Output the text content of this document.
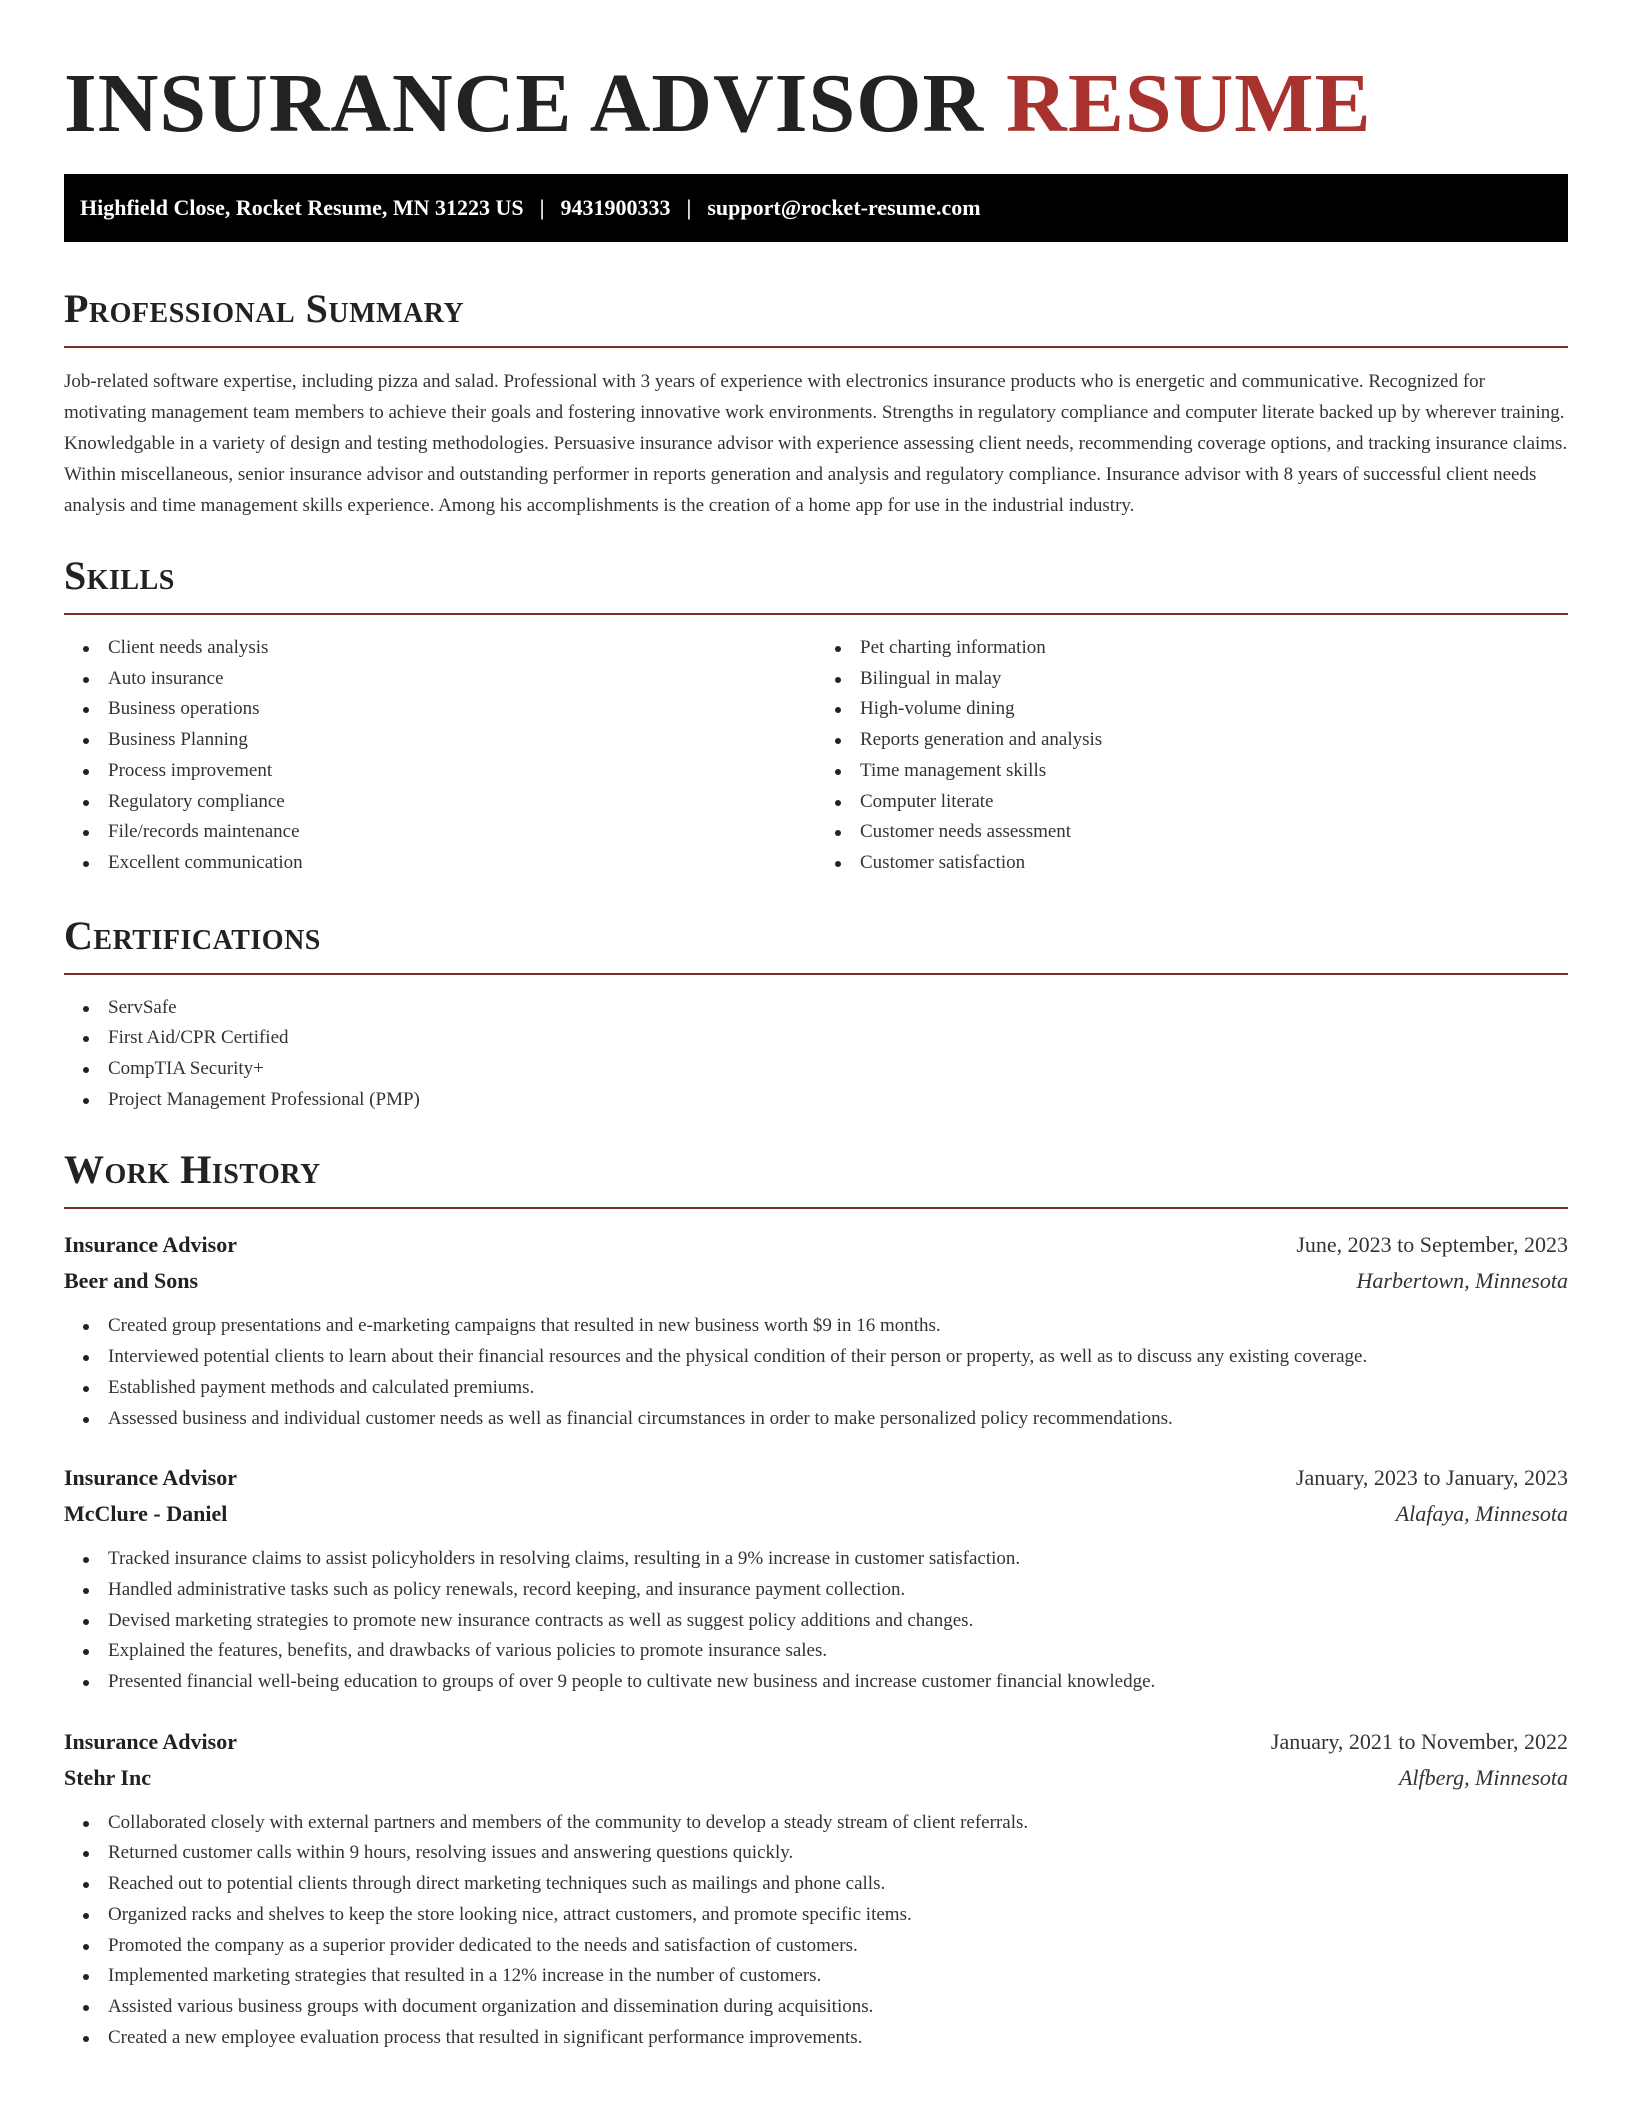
INSURANCE ADVISOR RESUME
Highfield Close, Rocket Resume, MN 31223 US | 9431900333 | support@rocket-resume.com
Professional Summary

Job-related software expertise, including pizza and salad. Professional with 3 years of experience with electronics insurance products who is energetic and communicative. Recognized for motivating management team members to achieve their goals and fostering innovative work environments. Strengths in regulatory compliance and computer literate backed up by wherever training. Knowledgable in a variety of design and testing methodologies. Persuasive insurance advisor with experience assessing client needs, recommending coverage options, and tracking insurance claims. Within miscellaneous, senior insurance advisor and outstanding performer in reports generation and analysis and regulatory compliance. Insurance advisor with 8 years of successful client needs analysis and time management skills experience. Among his accomplishments is the creation of a home app for use in the industrial industry.

Skills
Client needs analysis
Auto insurance
Business operations
Business Planning
Process improvement
Regulatory compliance
File/records maintenance
Excellent communication
Pet charting information
Bilingual in malay
High-volume dining
Reports generation and analysis
Time management skills
Computer literate
Customer needs assessment
Customer satisfaction
Certifications
ServSafe
First Aid/CPR Certified
CompTIA Security+
Project Management Professional (PMP)
Work History
Insurance Advisor	June, 2023 to September, 2023
Beer and Sons	Harbertown, Minnesota
Created group presentations and e-marketing campaigns that resulted in new business worth $9 in 16 months.
Interviewed potential clients to learn about their financial resources and the physical condition of their person or property, as well as to discuss any existing coverage.
Established payment methods and calculated premiums.
Assessed business and individual customer needs as well as financial circumstances in order to make personalized policy recommendations.
Insurance Advisor	January, 2023 to January, 2023
McClure - Daniel	Alafaya, Minnesota
Tracked insurance claims to assist policyholders in resolving claims, resulting in a 9% increase in customer satisfaction.
Handled administrative tasks such as policy renewals, record keeping, and insurance payment collection.
Devised marketing strategies to promote new insurance contracts as well as suggest policy additions and changes.
Explained the features, benefits, and drawbacks of various policies to promote insurance sales.
Presented financial well-being education to groups of over 9 people to cultivate new business and increase customer financial knowledge.
Insurance Advisor	January, 2021 to November, 2022
Stehr Inc	Alfberg, Minnesota
Collaborated closely with external partners and members of the community to develop a steady stream of client referrals.
Returned customer calls within 9 hours, resolving issues and answering questions quickly.
Reached out to potential clients through direct marketing techniques such as mailings and phone calls.
Organized racks and shelves to keep the store looking nice, attract customers, and promote specific items.
Promoted the company as a superior provider dedicated to the needs and satisfaction of customers.
Implemented marketing strategies that resulted in a 12% increase in the number of customers.
Assisted various business groups with document organization and dissemination during acquisitions.
Created a new employee evaluation process that resulted in significant performance improvements.
